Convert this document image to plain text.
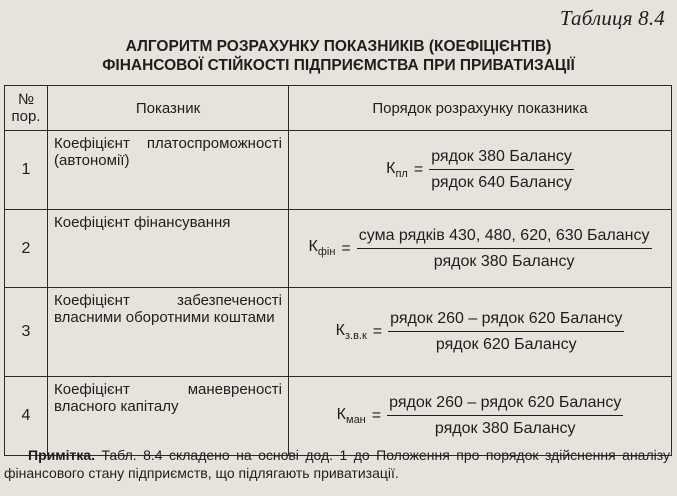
Таблиця 8.4
АЛГОРИТМ РОЗРАХУНКУ ПОКАЗНИКІВ (КОЕФІЦІЄНТІВ)
ФІНАНСОВОЇ СТІЙКОСТІ ПІДПРИЄМСТВА ПРИ ПРИВАТИЗАЦІЇ
№ пор.	Показник	Порядок розрахунку показника
1	Коефіцієнт платоспроможності (автономії)	$К_{пл} = \frac{\text{рядок 380 Балансу}}{\text{рядок 640 Балансу}}$

2	Коефіцієнт фінансування	$К_{фін} = \frac{\text{сума рядків 430, 480, 620, 630 Балансу}}{\text{рядок 380 Балансу}}$

3	Коефіцієнт забезпеченості власними оборотними коштами	$К_{з.в.к} = \frac{\text{рядок 260 – рядок 620 Балансу}}{\text{рядок 620 Балансу}}$

4	Коефіцієнт маневреності власного капіталу	$К_{ман} = \frac{\text{рядок 260 – рядок 620 Балансу}}{\text{рядок 380 Балансу}}$
Примітка. Табл. 8.4 складено на основі дод. 1 до Положення про порядок здійснення аналізу фінансового стану підприємств, що підлягають приватизації.
